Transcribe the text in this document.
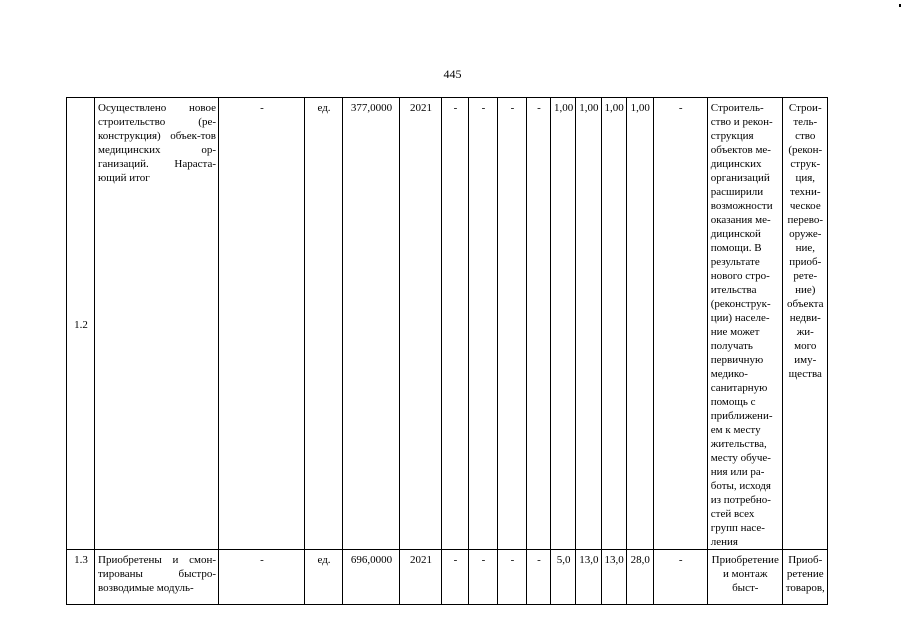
445
1.2	Осуществлено новое строительство (ре-конструкция) объек-тов медицинских ор-ганизаций. Нараста-ющий итог	-	ед.	377,0000	2021	-	-	-	-	1,00	1,00	1,00	1,00	-	Строитель-ство и рекон-струкция объектов ме-дицинских организаций расширили возможности оказания ме-дицинской помощи. В результате нового стро-ительства (реконструк-ции) населе-ние может получать первичную медико-санитарную помощь с приближени-ем к месту жительства, месту обуче-ния или ра-боты, исходя из потребно-стей всех групп насе-ления	Строи-тель-ство (рекон-струк-ция, техни-ческое перево-оруже-ние, приоб-рете-ние) объекта недви-жи-мого иму-щества
1.3	Приобретены и смон-тированы быстро-возводимые модуль-	-	ед.	696,0000	2021	-	-	-	-	5,0	13,0	13,0	28,0	-	Приобретение и монтаж быст-	Приоб-ретение товаров,
